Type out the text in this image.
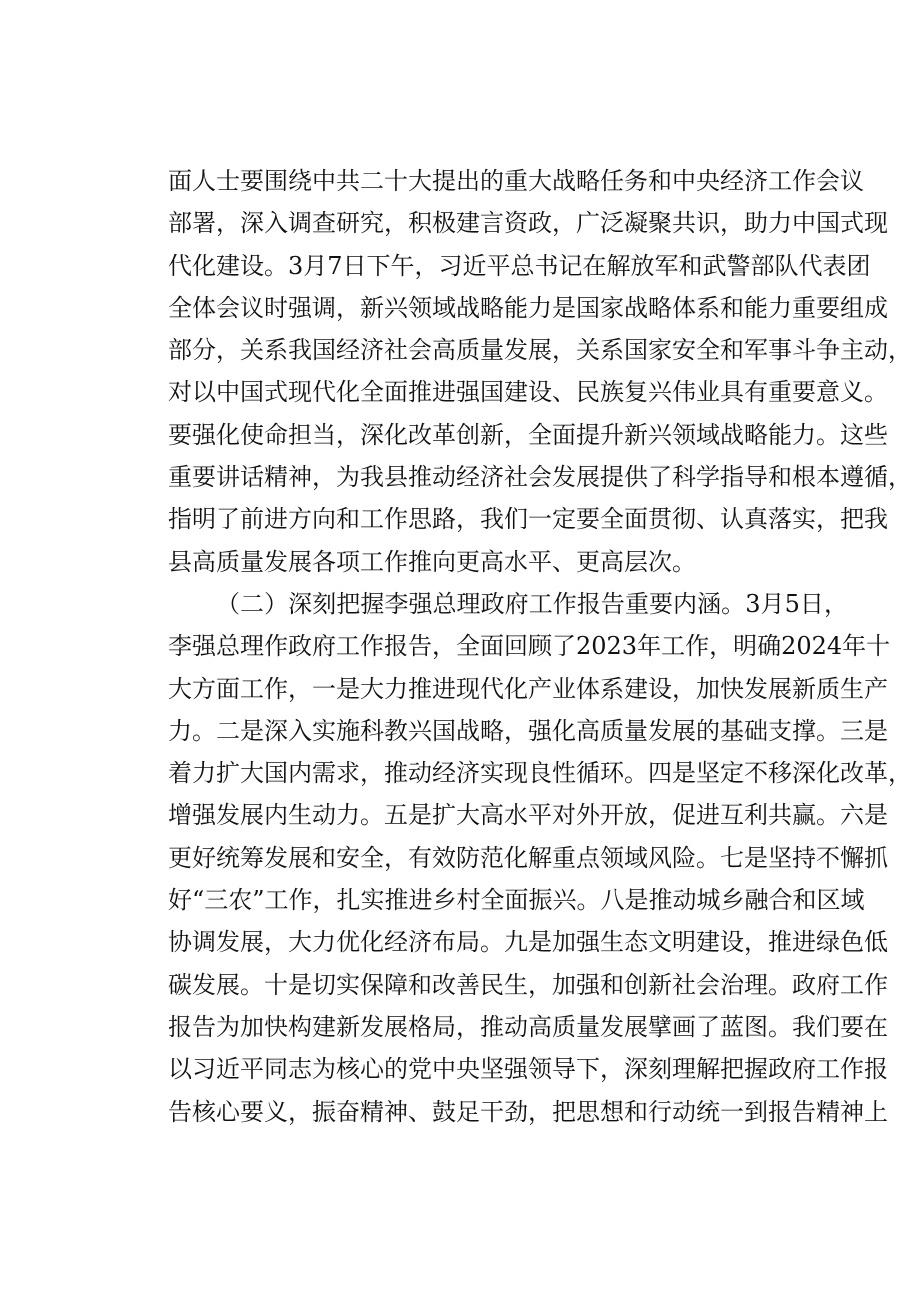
面人士要围绕中共二十大提出的重大战略任务和中央经济工作会议
部署，深入调查研究，积极建言资政，广泛凝聚共识，助力中国式现
代化建设。3月7日下午，习近平总书记在解放军和武警部队代表团
全体会议时强调，新兴领域战略能力是国家战略体系和能力重要组成
部分，关系我国经济社会高质量发展，关系国家安全和军事斗争主动，
对以中国式现代化全面推进强国建设、民族复兴伟业具有重要意义。
要强化使命担当，深化改革创新，全面提升新兴领域战略能力。这些
重要讲话精神，为我县推动经济社会发展提供了科学指导和根本遵循，
指明了前进方向和工作思路，我们一定要全面贯彻、认真落实，把我
县高质量发展各项工作推向更高水平、更高层次。
（二）深刻把握李强总理政府工作报告重要内涵。3月5日，
李强总理作政府工作报告，全面回顾了2023年工作，明确2024年十
大方面工作，一是大力推进现代化产业体系建设，加快发展新质生产
力。二是深入实施科教兴国战略，强化高质量发展的基础支撑。三是
着力扩大国内需求，推动经济实现良性循环。四是坚定不移深化改革，
增强发展内生动力。五是扩大高水平对外开放，促进互利共赢。六是
更好统筹发展和安全，有效防范化解重点领域风险。七是坚持不懈抓
好“三农”工作，扎实推进乡村全面振兴。八是推动城乡融合和区域
协调发展，大力优化经济布局。九是加强生态文明建设，推进绿色低
碳发展。十是切实保障和改善民生，加强和创新社会治理。政府工作
报告为加快构建新发展格局，推动高质量发展擘画了蓝图。我们要在
以习近平同志为核心的党中央坚强领导下，深刻理解把握政府工作报
告核心要义，振奋精神、鼓足干劲，把思想和行动统一到报告精神上
